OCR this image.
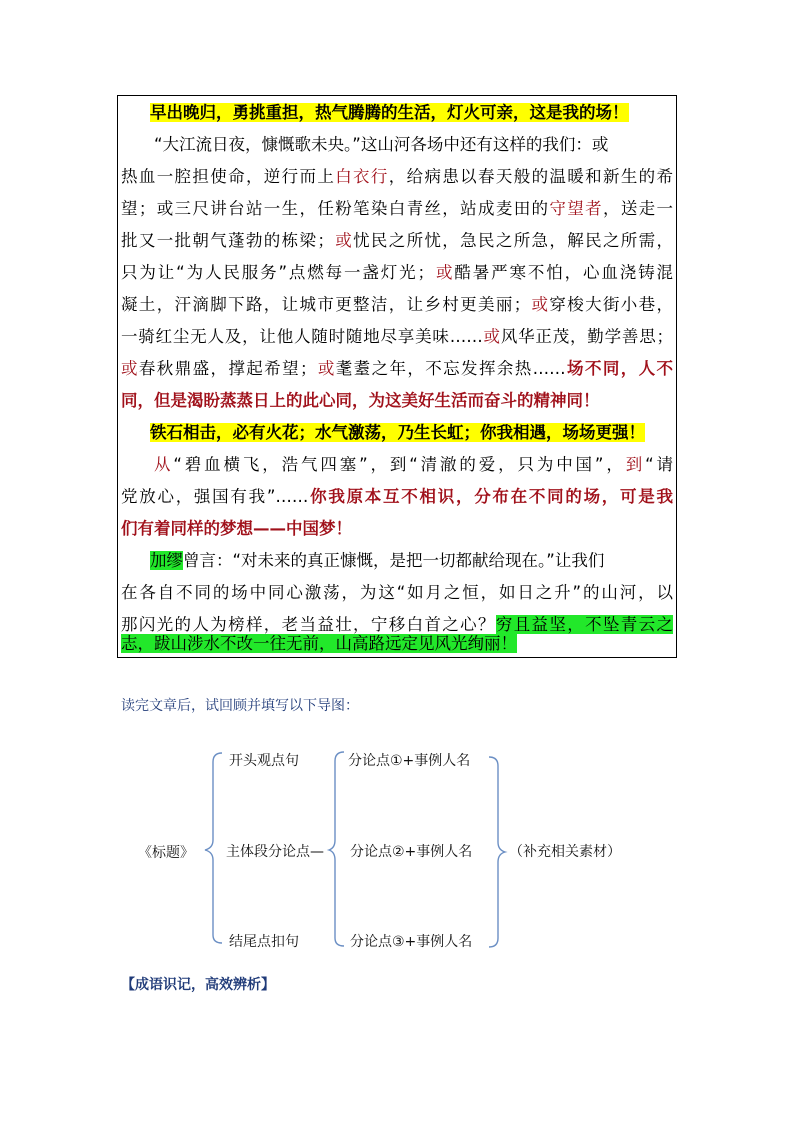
早出晚归，勇挑重担，热气腾腾的生活，灯火可亲，这是我的场！
“大江流日夜，慷慨歌未央。”这山河各场中还有这样的我们：或
热血一腔担使命，逆行而上白衣行，给病患以春天般的温暖和新生的希
望；或三尺讲台站一生，任粉笔染白青丝，站成麦田的守望者，送走一
批又一批朝气蓬勃的栋梁；或忧民之所忧，急民之所急，解民之所需，
只为让“为人民服务”点燃每一盏灯光；或酷暑严寒不怕，心血浇铸混
凝土，汗滴脚下路，让城市更整洁，让乡村更美丽；或穿梭大街小巷，
一骑红尘无人及，让他人随时随地尽享美味……或风华正茂，勤学善思；
或春秋鼎盛，撑起希望；或耄耋之年，不忘发挥余热……场不同，人不
同，但是渴盼蒸蒸日上的此心同，为这美好生活而奋斗的精神同！
铁石相击，必有火花；水气激荡，乃生长虹；你我相遇，场场更强！
从“碧血横飞，浩气四塞”，到“清澈的爱，只为中国”，到“请
党放心，强国有我”……你我原本互不相识，分布在不同的场，可是我
们有着同样的梦想——中国梦！
加缪曾言：“对未来的真正慷慨，是把一切都献给现在。”让我们
在各自不同的场中同心激荡，为这“如月之恒，如日之升”的山河，以
那闪光的人为榜样，老当益壮，宁移白首之心？穷且益坚，不坠青云之
志，跋山涉水不改一往无前，山高路远定见风光绚丽！
读完文章后，试回顾并填写以下导图：
《标题》
开头观点句
主体段分论点—
结尾点扣句
分论点①+事例人名
分论点②+事例人名
分论点③+事例人名
（补充相关素材）
【成语识记，高效辨析】
